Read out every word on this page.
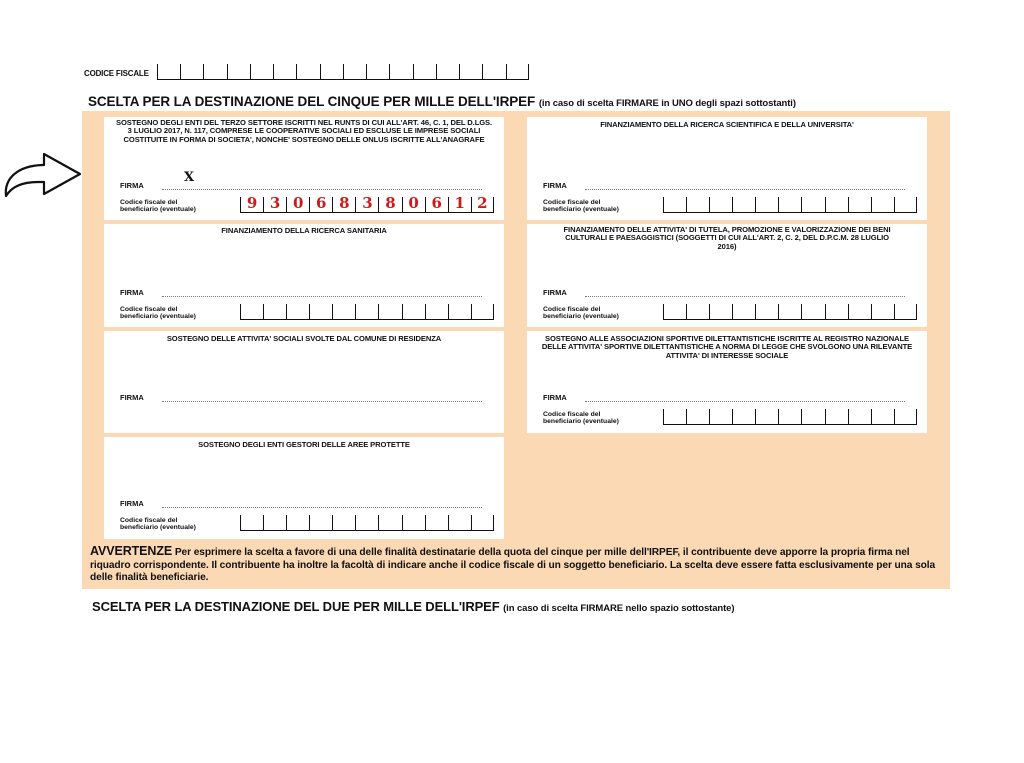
CODICE FISCALE
SCELTA PER LA DESTINAZIONE DEL CINQUE PER MILLE DELL'IRPEF (in caso di scelta FIRMARE in UNO degli spazi sottostanti)
SOSTEGNO DEGLI ENTI DEL TERZO SETTORE ISCRITTI NEL RUNTS DI CUI ALL'ART. 46, C. 1, DEL D.LGS. 3 LUGLIO 2017, N. 117, COMPRESE LE COOPERATIVE SOCIALI ED ESCLUSE LE IMPRESE SOCIALI COSTITUITE IN FORMA DI SOCIETA', NONCHE' SOSTEGNO DELLE ONLUS ISCRITTE ALL'ANAGRAFE
X
FIRMA
Codice fiscale del
beneficiario (eventuale)	9 3 0 6 8 3 8 0 6 1 2
FINANZIAMENTO DELLA RICERCA SCIENTIFICA E DELLA UNIVERSITA'
FIRMA
Codice fiscale del
beneficiario (eventuale)
FINANZIAMENTO DELLA RICERCA SANITARIA
FIRMA
Codice fiscale del
beneficiario (eventuale)
FINANZIAMENTO DELLE ATTIVITA' DI TUTELA, PROMOZIONE E VALORIZZAZIONE DEI BENI CULTURALI E PAESAGGISTICI (SOGGETTI DI CUI ALL'ART. 2, C. 2, DEL D.P.C.M. 28 LUGLIO 2016)
FIRMA
Codice fiscale del
beneficiario (eventuale)
SOSTEGNO DELLE ATTIVITA' SOCIALI SVOLTE DAL COMUNE DI RESIDENZA
FIRMA
SOSTEGNO ALLE ASSOCIAZIONI SPORTIVE DILETTANTISTICHE ISCRITTE AL REGISTRO NAZIONALE DELLE ATTIVITA' SPORTIVE DILETTANTISTICHE A NORMA DI LEGGE CHE SVOLGONO UNA RILEVANTE ATTIVITA' DI INTERESSE SOCIALE
FIRMA
Codice fiscale del
beneficiario (eventuale)
SOSTEGNO DEGLI ENTI GESTORI DELLE AREE PROTETTE
FIRMA
Codice fiscale del
beneficiario (eventuale)
AVVERTENZE Per esprimere la scelta a favore di una delle finalità destinatarie della quota del cinque per mille dell'IRPEF, il contribuente deve apporre la propria firma nel riquadro corrispondente. Il contribuente ha inoltre la facoltà di indicare anche il codice fiscale di un soggetto beneficiario. La scelta deve essere fatta esclusivamente per una sola delle finalità beneficiarie.
SCELTA PER LA DESTINAZIONE DEL DUE PER MILLE DELL'IRPEF (in caso di scelta FIRMARE nello spazio sottostante)
